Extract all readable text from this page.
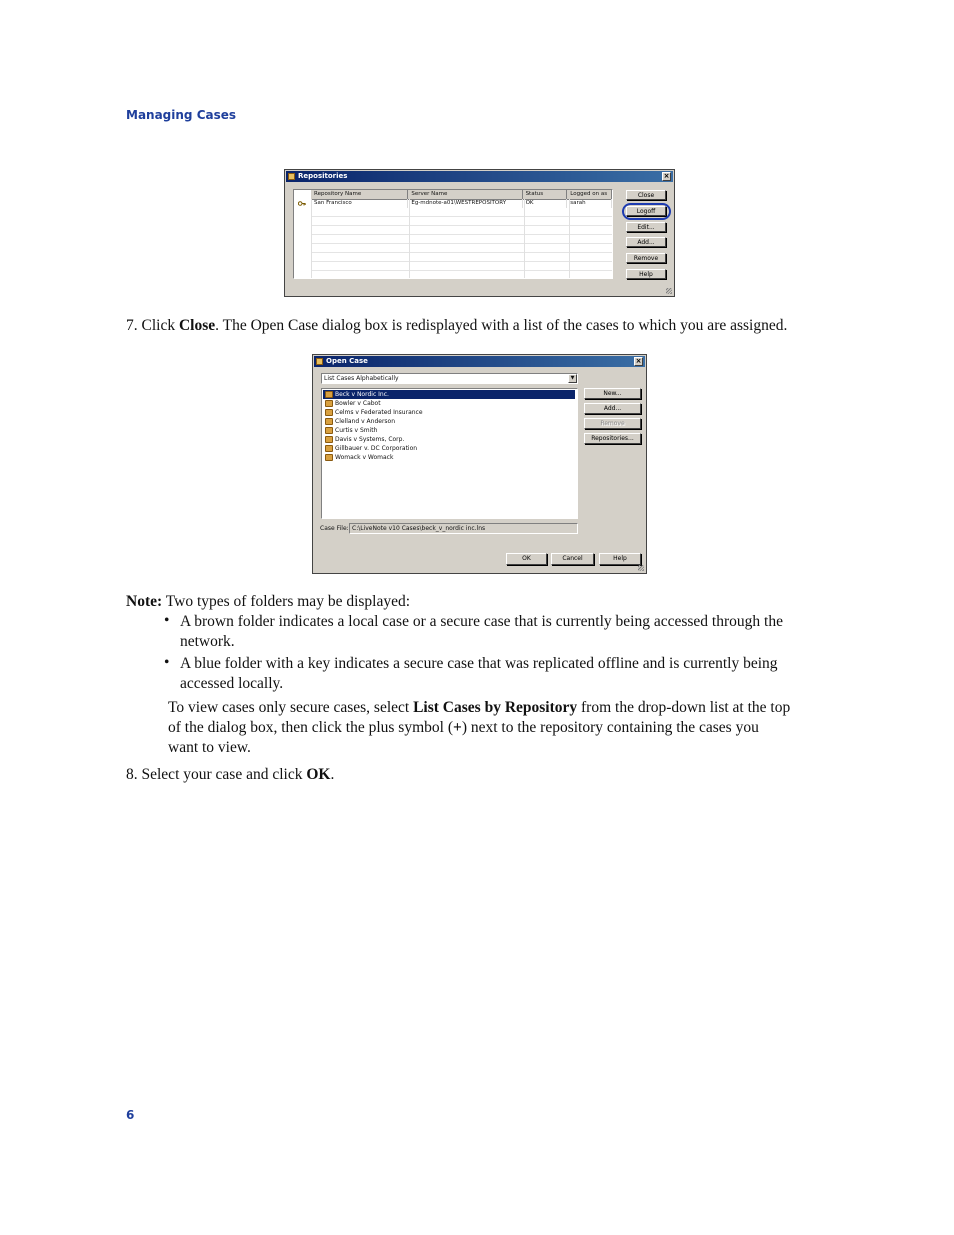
Managing Cases
Repositories	×
Repository Name	Server Name	Status	Logged on as
San Francisco	Eg-mdnote-a01\WESTREPOSITORY	OK	sarah
Close
Logoff
Edit...
Add...
Remove
Help
7. Click Close. The Open Case dialog box is redisplayed with a list of the cases to which you are assigned.
Open Case	×
List Cases Alphabetically	▼
Beck v Nordic Inc.
Bowler v Cabot
Celms v Federated Insurance
Clelland v Anderson
Curtis v Smith
Davis v Systems, Corp.
Gillbauer v. DC Corporation
Womack v Womack
New...
Add...
Remove
Repositories...
Case File: C:\LiveNote v10 Cases\beck_v_nordic inc.lns
OK	Cancel	Help
Note: Two types of folders may be displayed:
• A brown folder indicates a local case or a secure case that is currently being accessed through the
network.
• A blue folder with a key indicates a secure case that was replicated offline and is currently being
accessed locally.
To view cases only secure cases, select List Cases by Repository from the drop-down list at the top
of the dialog box, then click the plus symbol (+) next to the repository containing the cases you
want to view.
8. Select your case and click OK.
6
